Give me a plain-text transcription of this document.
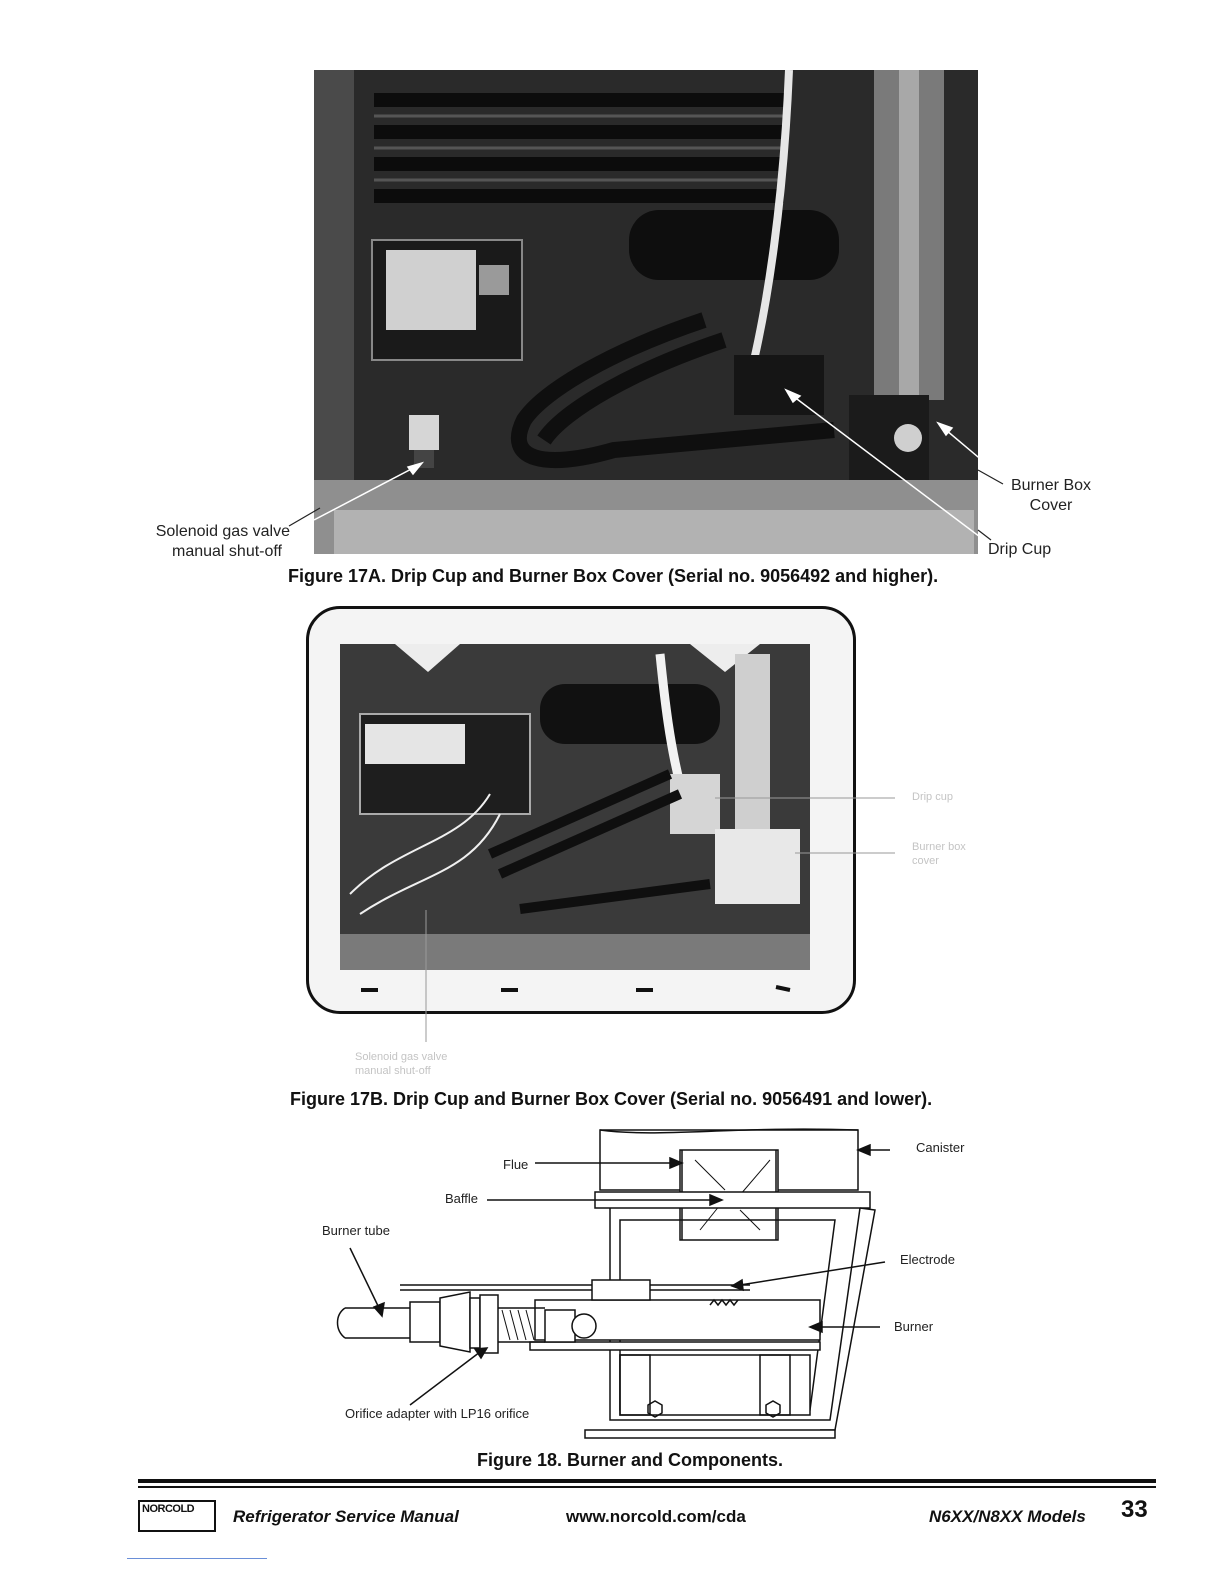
Solenoid gas valve
manual shut-off
Burner Box
Cover
Drip Cup
Figure 17A. Drip Cup and Burner Box Cover (Serial no. 9056492 and higher).
Drip cup
Burner box
cover
Solenoid gas valve
manual shut-off
Figure 17B. Drip Cup and Burner Box Cover (Serial no. 9056491 and lower).
Flue
Baffle
Canister
Burner tube
Electrode
Burner
Orifice adapter with LP16 orifice
Figure 18. Burner and Components.
NORCOLD	Refrigerator Service Manual	www.norcold.com/cda	N6XX/N8XX Models 33
